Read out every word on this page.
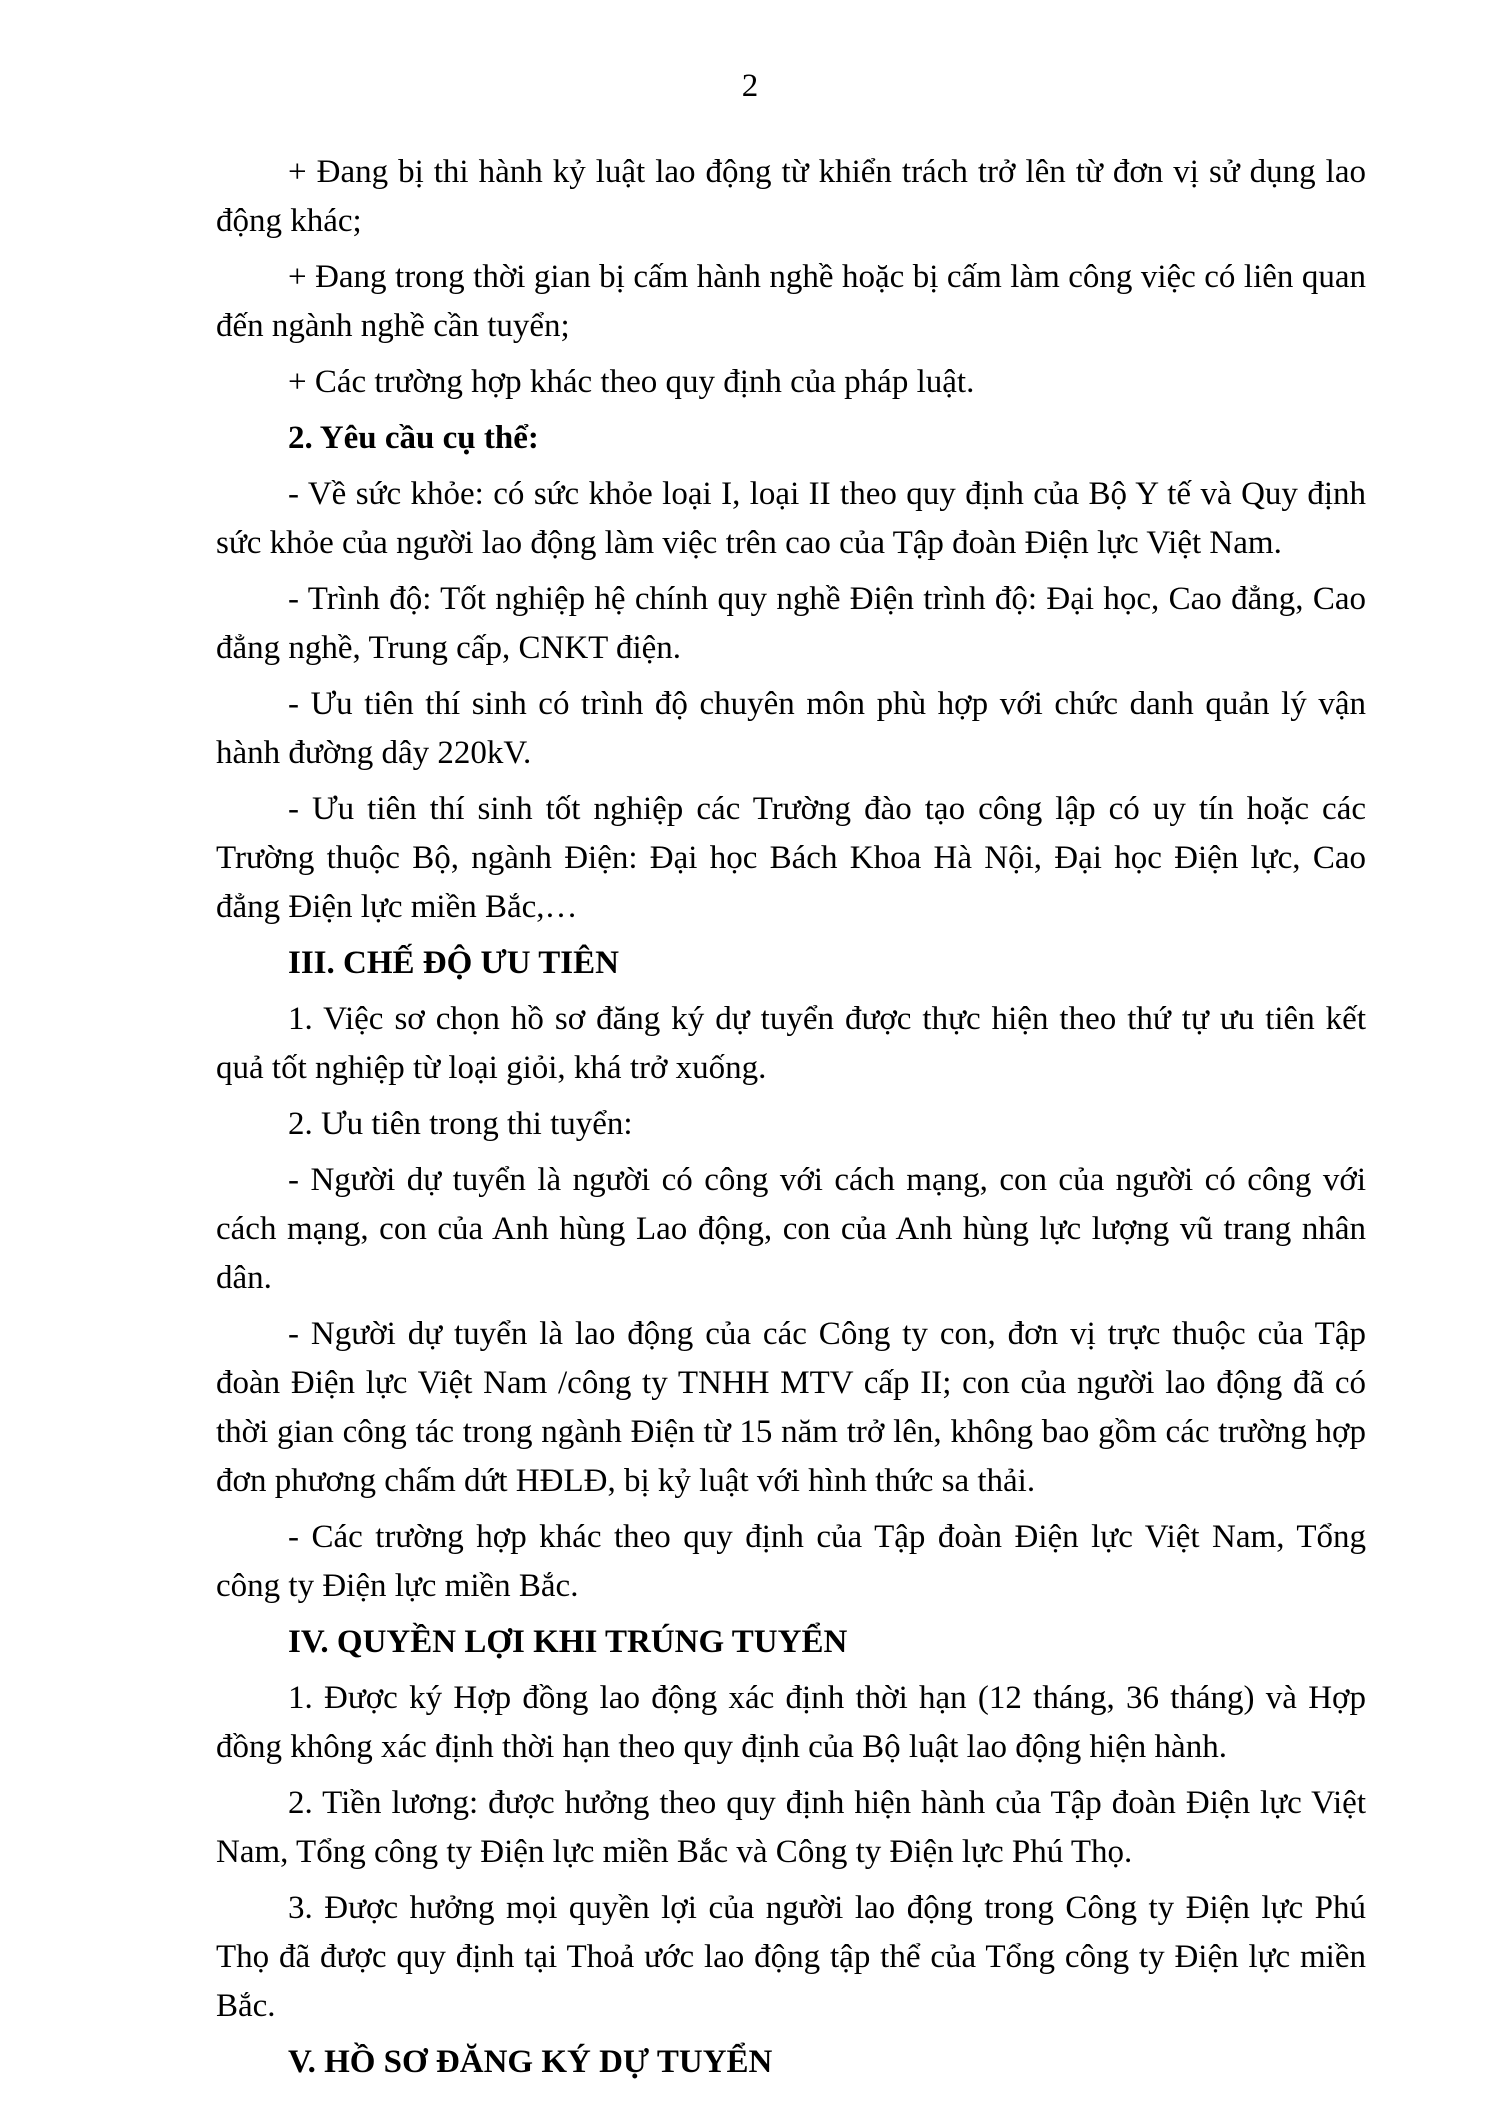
2

+ Đang bị thi hành kỷ luật lao động từ khiển trách trở lên từ đơn vị sử dụng lao động khác;

+ Đang trong thời gian bị cấm hành nghề hoặc bị cấm làm công việc có liên quan đến ngành nghề cần tuyển;

+ Các trường hợp khác theo quy định của pháp luật.

2. Yêu cầu cụ thể:

- Về sức khỏe: có sức khỏe loại I, loại II theo quy định của Bộ Y tế và Quy định sức khỏe của người lao động làm việc trên cao của Tập đoàn Điện lực Việt Nam.

- Trình độ: Tốt nghiệp hệ chính quy nghề Điện trình độ: Đại học, Cao đẳng, Cao đẳng nghề, Trung cấp, CNKT điện.

- Ưu tiên thí sinh có trình độ chuyên môn phù hợp với chức danh quản lý vận hành đường dây 220kV.

- Ưu tiên thí sinh tốt nghiệp các Trường đào tạo công lập có uy tín hoặc các Trường thuộc Bộ, ngành Điện: Đại học Bách Khoa Hà Nội, Đại học Điện lực, Cao đẳng Điện lực miền Bắc,…

III. CHẾ ĐỘ ƯU TIÊN

1. Việc sơ chọn hồ sơ đăng ký dự tuyển được thực hiện theo thứ tự ưu tiên kết quả tốt nghiệp từ loại giỏi, khá trở xuống.

2. Ưu tiên trong thi tuyển:

- Người dự tuyển là người có công với cách mạng, con của người có công với cách mạng, con của Anh hùng Lao động, con của Anh hùng lực lượng vũ trang nhân dân.

- Người dự tuyển là lao động của các Công ty con, đơn vị trực thuộc của Tập đoàn Điện lực Việt Nam /công ty TNHH MTV cấp II; con của người lao động đã có thời gian công tác trong ngành Điện từ 15 năm trở lên, không bao gồm các trường hợp đơn phương chấm dứt HĐLĐ, bị kỷ luật với hình thức sa thải.

- Các trường hợp khác theo quy định của Tập đoàn Điện lực Việt Nam, Tổng công ty Điện lực miền Bắc.

IV. QUYỀN LỢI KHI TRÚNG TUYỂN

1. Được ký Hợp đồng lao động xác định thời hạn (12 tháng, 36 tháng) và Hợp đồng không xác định thời hạn theo quy định của Bộ luật lao động hiện hành.

2. Tiền lương: được hưởng theo quy định hiện hành của Tập đoàn Điện lực Việt Nam, Tổng công ty Điện lực miền Bắc và Công ty Điện lực Phú Thọ.

3. Được hưởng mọi quyền lợi của người lao động trong Công ty Điện lực Phú Thọ đã được quy định tại Thoả ước lao động tập thể của Tổng công ty Điện lực miền Bắc.

V. HỒ SƠ ĐĂNG KÝ DỰ TUYỂN
